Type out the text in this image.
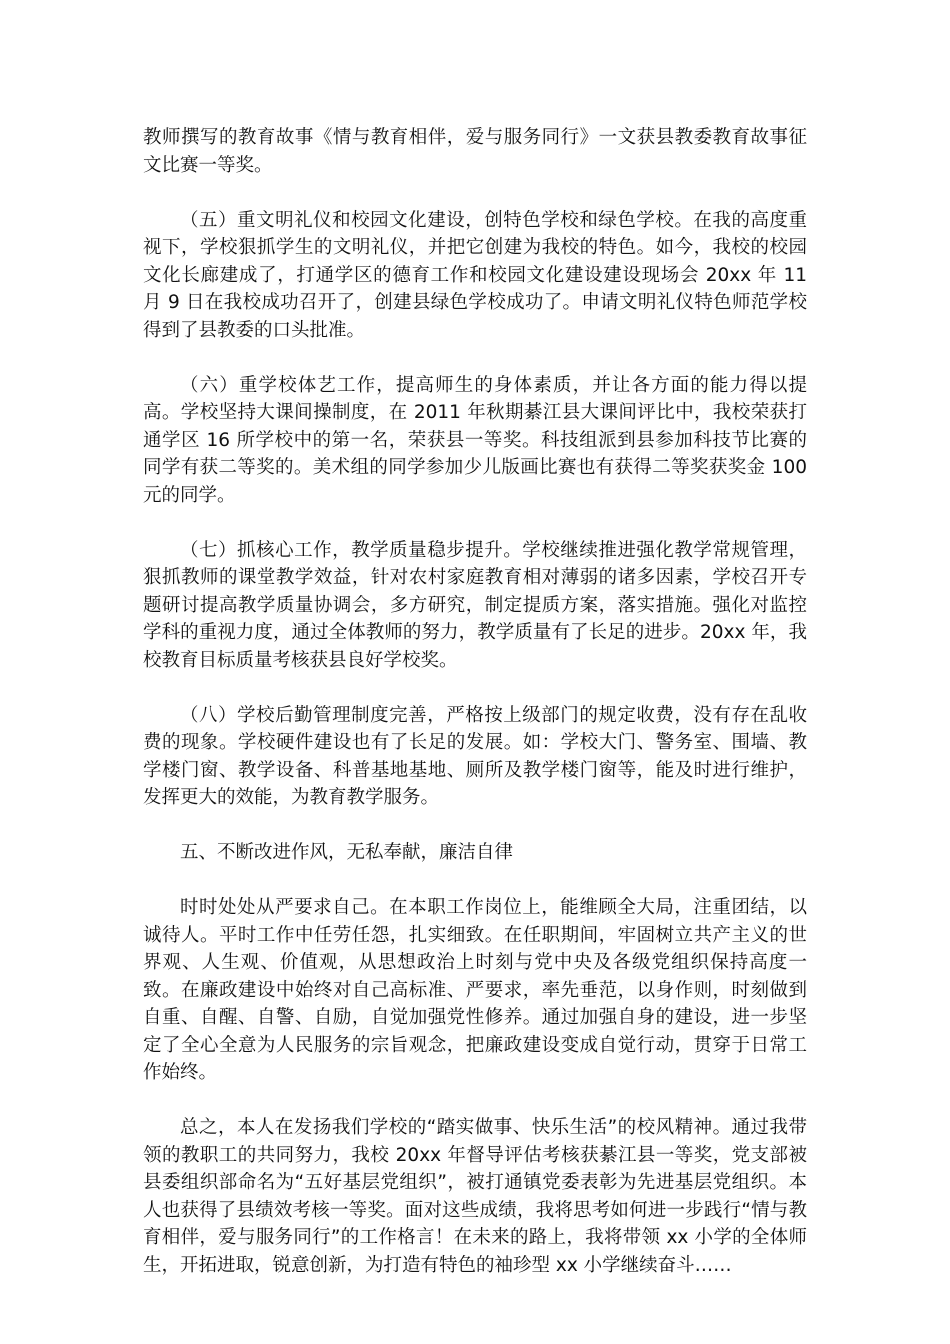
教师撰写的教育故事《情与教育相伴，爱与服务同行》一文获县教委教育故事征文比赛一等奖。

（五）重文明礼仪和校园文化建设，创特色学校和绿色学校。在我的高度重视下，学校狠抓学生的文明礼仪，并把它创建为我校的特色。如今，我校的校园文化长廊建成了，打通学区的德育工作和校园文化建设建设现场会 20xx 年 11 月 9 日在我校成功召开了，创建县绿色学校成功了。申请文明礼仪特色师范学校得到了县教委的口头批准。

（六）重学校体艺工作，提高师生的身体素质，并让各方面的能力得以提高。学校坚持大课间操制度，在 2011 年秋期綦江县大课间评比中，我校荣获打通学区 16 所学校中的第一名，荣获县一等奖。科技组派到县参加科技节比赛的同学有获二等奖的。美术组的同学参加少儿版画比赛也有获得二等奖获奖金 100 元的同学。

（七）抓核心工作，教学质量稳步提升。学校继续推进强化教学常规管理，狠抓教师的课堂教学效益，针对农村家庭教育相对薄弱的诸多因素，学校召开专题研讨提高教学质量协调会，多方研究，制定提质方案，落实措施。强化对监控学科的重视力度，通过全体教师的努力，教学质量有了长足的进步。20xx 年，我校教育目标质量考核获县良好学校奖。

（八）学校后勤管理制度完善，严格按上级部门的规定收费，没有存在乱收费的现象。学校硬件建设也有了长足的发展。如：学校大门、警务室、围墙、教学楼门窗、教学设备、科普基地基地、厕所及教学楼门窗等，能及时进行维护，发挥更大的效能，为教育教学服务。

五、不断改进作风，无私奉献，廉洁自律

时时处处从严要求自己。在本职工作岗位上，能维顾全大局，注重团结，以诚待人。平时工作中任劳任怨，扎实细致。在任职期间，牢固树立共产主义的世界观、人生观、价值观，从思想政治上时刻与党中央及各级党组织保持高度一致。在廉政建设中始终对自己高标准、严要求，率先垂范，以身作则，时刻做到自重、自醒、自警、自励，自觉加强党性修养。通过加强自身的建设，进一步坚定了全心全意为人民服务的宗旨观念，把廉政建设变成自觉行动，贯穿于日常工作始终。

总之，本人在发扬我们学校的“踏实做事、快乐生活”的校风精神。通过我带领的教职工的共同努力，我校 20xx 年督导评估考核获綦江县一等奖，党支部被县委组织部命名为“五好基层党组织”，被打通镇党委表彰为先进基层党组织。本人也获得了县绩效考核一等奖。面对这些成绩，我将思考如何进一步践行“情与教育相伴，爱与服务同行”的工作格言！在未来的路上，我将带领 xx 小学的全体师生，开拓进取，锐意创新，为打造有特色的袖珍型 xx 小学继续奋斗……
